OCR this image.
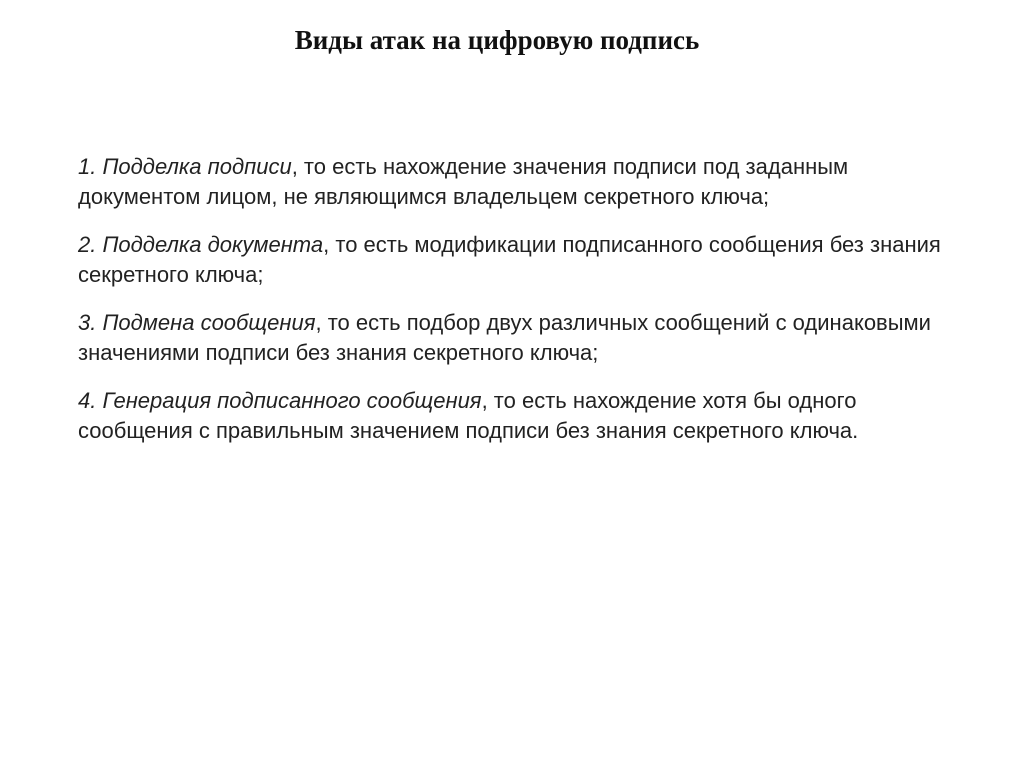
Виды атак на цифровую подпись
1. Подделка подписи, то есть нахождение значения подписи под заданным документом лицом, не являющимся владельцем секретного ключа;
2. Подделка документа, то есть модификации подписанного сообщения без знания секретного ключа;
3. Подмена сообщения, то есть подбор двух различных сообщений с одинаковыми значениями подписи без знания секретного ключа;
4. Генерация подписанного сообщения, то есть нахождение хотя бы одного сообщения с правильным значением подписи без знания секретного ключа.
